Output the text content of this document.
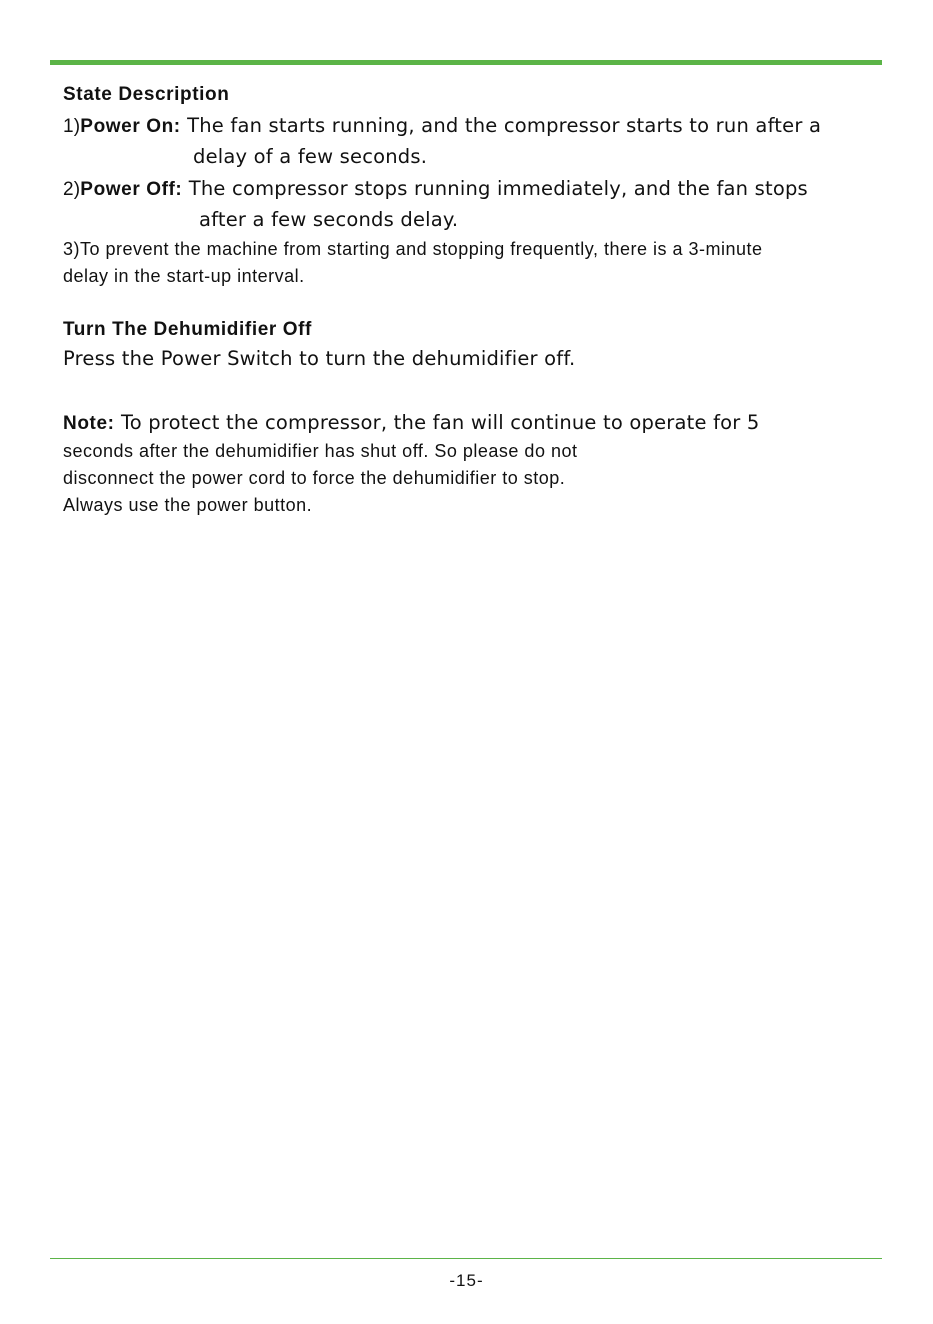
State Description
1)Power On: The fan starts running, and the compressor starts to run after a
delay of a few seconds.
2)Power Off: The compressor stops running immediately, and the fan stops
after a few seconds delay.
3)To prevent the machine from starting and stopping frequently, there is a 3-minute
delay in the start-up interval.
Turn The Dehumidifier Off
Press the Power Switch to turn the dehumidifier off.
Note: To protect the compressor, the fan will continue to operate for 5
seconds after the dehumidifier has shut off. So please do not
disconnect the power cord to force the dehumidifier to stop.
Always use the power button.
-15-
